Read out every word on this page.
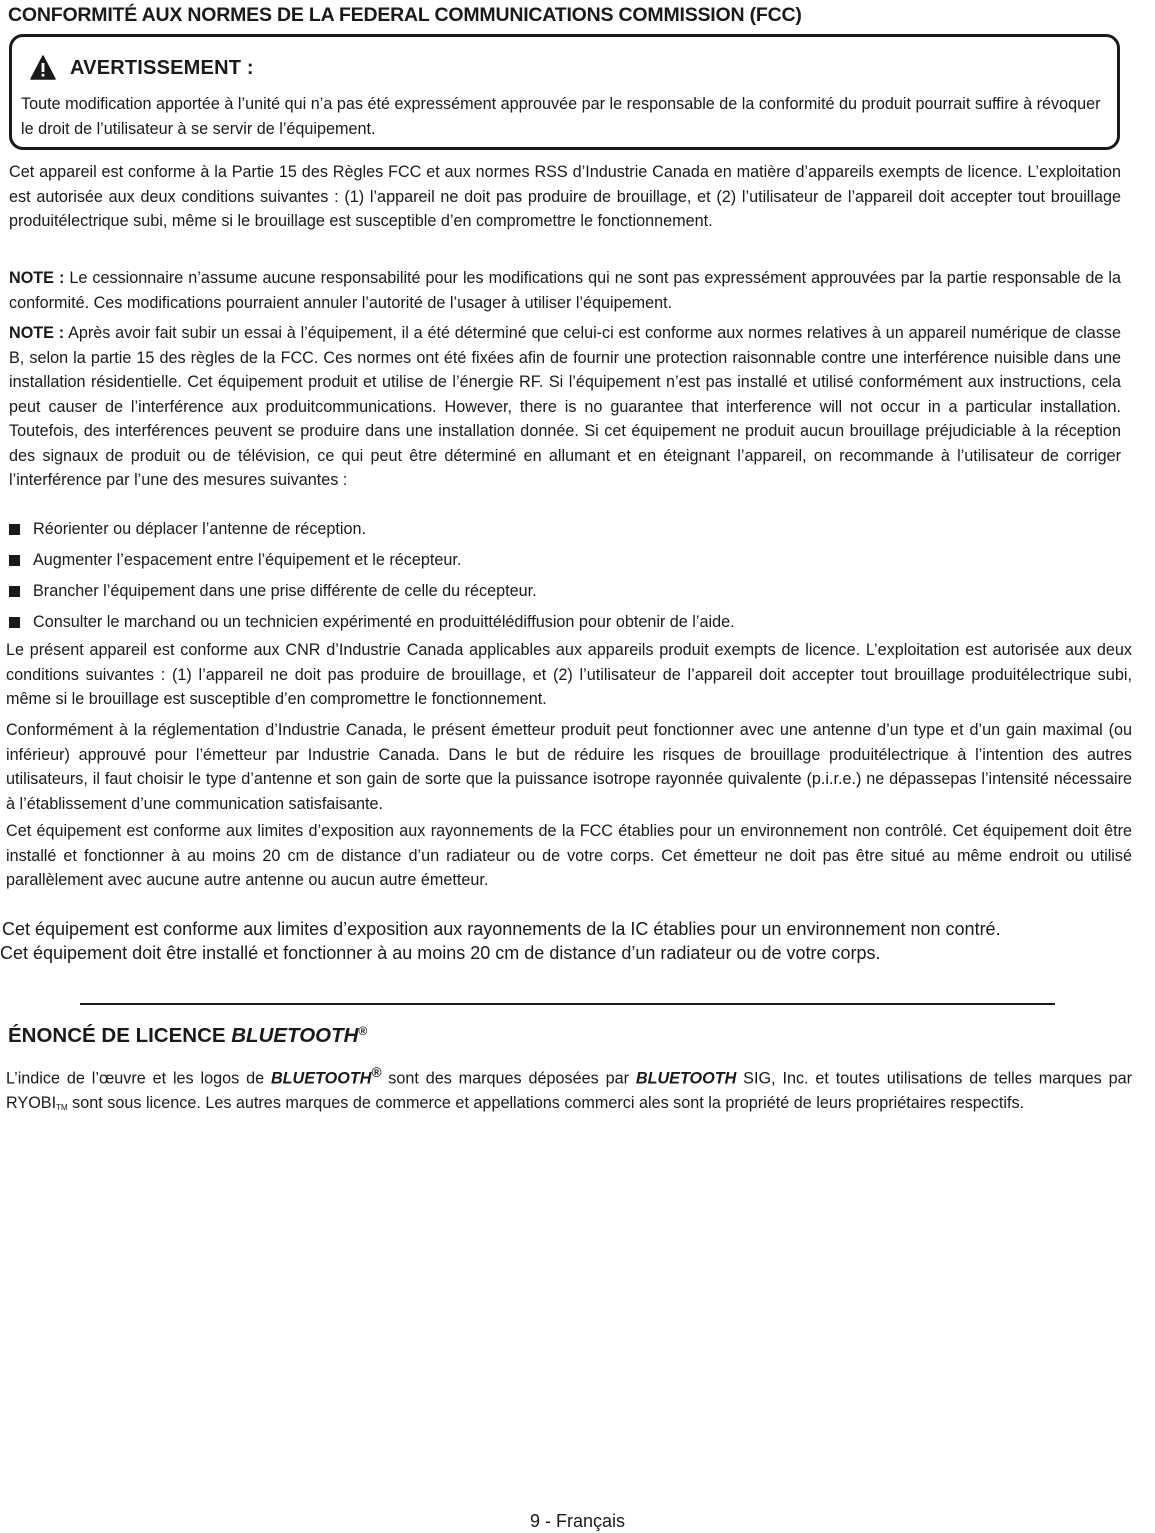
CONFORMITÉ AUX NORMES DE LA FEDERAL COMMUNICATIONS COMMISSION (FCC)
AVERTISSEMENT :

Toute modification apportée à l’unité qui n’a pas été expressément approuvée par le responsable de la conformité du produit pourrait suffire à révoquer le droit de l’utilisateur à se servir de l’équipement.

Cet appareil est conforme à la Partie 15 des Règles FCC et aux normes RSS d’Industrie Canada en matière d’appareils exempts de licence. L’exploitation est autorisée aux deux conditions suivantes : (1) l’appareil ne doit pas produire de brouillage, et (2) l’utilisateur de l’appareil doit accepter tout brouillage produitélectrique subi, même si le brouillage est susceptible d’en compromettre le fonctionnement.

NOTE : Le cessionnaire n’assume aucune responsabilité pour les modifications qui ne sont pas expressément approuvées par la partie responsable de la conformité. Ces modifications pourraient annuler l’autorité de l’usager à utiliser l’équipement.

NOTE : Après avoir fait subir un essai à l’équipement, il a été déterminé que celui-ci est conforme aux normes relatives à un appareil numérique de classe B, selon la partie 15 des règles de la FCC. Ces normes ont été fixées afin de fournir une protection raisonnable contre une interférence nuisible dans une installation résidentielle. Cet équipement produit et utilise de l’énergie RF. Si l’équipement n’est pas installé et utilisé conformément aux instructions, cela peut causer de l’interférence aux produitcommunications. However, there is no guarantee that interference will not occur in a particular installation. Toutefois, des interférences peuvent se produire dans une installation donnée. Si cet équipement ne produit aucun brouillage préjudiciable à la réception des signaux de produit ou de télévision, ce qui peut être déterminé en allumant et en éteignant l’appareil, on recommande à l’utilisateur de corriger l’interférence par l’une des mesures suivantes :

Réorienter ou déplacer l’antenne de réception.

Augmenter l’espacement entre l’équipement et le récepteur.

Brancher l’équipement dans une prise différente de celle du récepteur.

Consulter le marchand ou un technicien expérimenté en produittélédiffusion pour obtenir de l’aide.

Le présent appareil est conforme aux CNR d’Industrie Canada applicables aux appareils produit exempts de licence. L’exploitation est autorisée aux deux conditions suivantes : (1) l’appareil ne doit pas produire de brouillage, et (2) l’utilisateur de l’appareil doit accepter tout brouillage produitélectrique subi, même si le brouillage est susceptible d’en compromettre le fonctionnement.

Conformément à la réglementation d’Industrie Canada, le présent émetteur produit peut fonctionner avec une antenne d’un type et d’un gain maximal (ou inférieur) approuvé pour l’émetteur par Industrie Canada. Dans le but de réduire les risques de brouillage produitélectrique à l’intention des autres utilisateurs, il faut choisir le type d’antenne et son gain de sorte que la puissance isotrope rayonnée quivalente (p.i.r.e.) ne dépassepas l’intensité nécessaire à l’établissement d’une communication satisfaisante.

Cet équipement est conforme aux limites d’exposition aux rayonnements de la FCC établies pour un environnement non contrôlé. Cet équipement doit être installé et fonctionner à au moins 20 cm de distance d’un radiateur ou de votre corps. Cet émetteur ne doit pas être situé au même endroit ou utilisé parallèlement avec aucune autre antenne ou aucun autre émetteur.

Cet équipement est conforme aux limites d’exposition aux rayonnements de la IC établies pour un environnement non contré.

Cet équipement doit être installé et fonctionner à au moins 20 cm de distance d’un radiateur ou de votre corps.

ÉNONCÉ DE LICENCE BLUETOOTH®

L’indice de l’œuvre et les logos de BLUETOOTH® sont des marques déposées par BLUETOOTH SIG, Inc. et toutes utilisations de telles marques par RYOBITM sont sous licence. Les autres marques de commerce et appellations commerci ales sont la propriété de leurs propriétaires respectifs.

9 - Français
